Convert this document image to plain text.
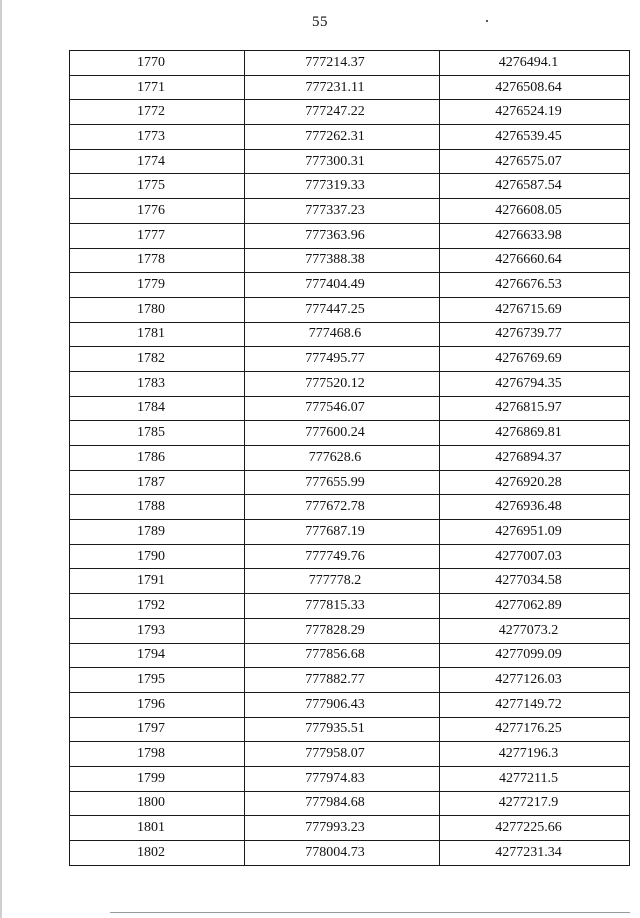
55
1770	777214.37	4276494.1
1771	777231.11	4276508.64
1772	777247.22	4276524.19
1773	777262.31	4276539.45
1774	777300.31	4276575.07
1775	777319.33	4276587.54
1776	777337.23	4276608.05
1777	777363.96	4276633.98
1778	777388.38	4276660.64
1779	777404.49	4276676.53
1780	777447.25	4276715.69
1781	777468.6	4276739.77
1782	777495.77	4276769.69
1783	777520.12	4276794.35
1784	777546.07	4276815.97
1785	777600.24	4276869.81
1786	777628.6	4276894.37
1787	777655.99	4276920.28
1788	777672.78	4276936.48
1789	777687.19	4276951.09
1790	777749.76	4277007.03
1791	777778.2	4277034.58
1792	777815.33	4277062.89
1793	777828.29	4277073.2
1794	777856.68	4277099.09
1795	777882.77	4277126.03
1796	777906.43	4277149.72
1797	777935.51	4277176.25
1798	777958.07	4277196.3
1799	777974.83	4277211.5
1800	777984.68	4277217.9
1801	777993.23	4277225.66
1802	778004.73	4277231.34
